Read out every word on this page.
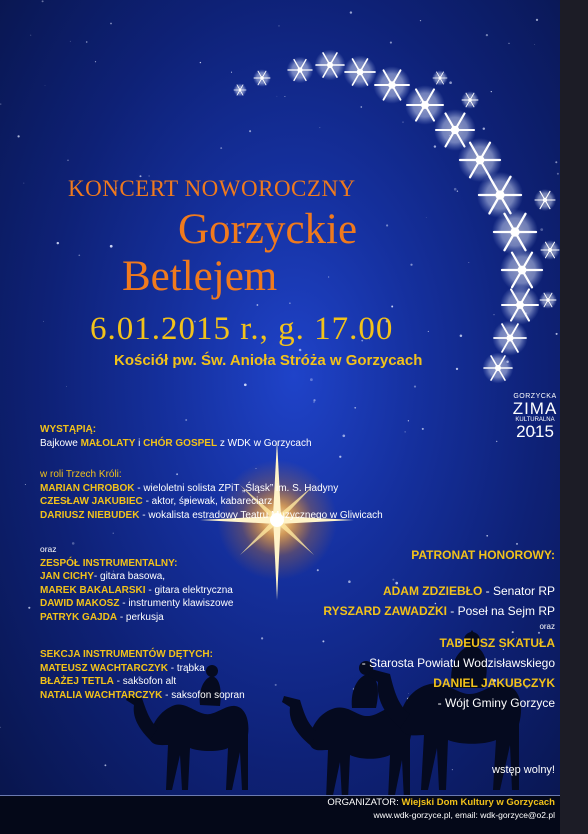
KONCERT NOWOROCZNY
Gorzyckie
Betlejem
6.01.2015 r., g. 17.00
Kościół pw. Św. Anioła Stróża w Gorzycach
GORZYCKA
ZIMA
KULTURALNA
2015
WYSTĄPIĄ:
Bajkowe MAŁOLATY i CHÓR GOSPEL z WDK w Gorzycach
w roli Trzech Króli:
MARIAN CHROBOK - wieloletni solista ZPiT „Śląsk” im. S. Hadyny
CZESŁAW JAKUBIEC - aktor, śpiewak, kabareciarz
DARIUSZ NIEBUDEK - wokalista estradowy Teatru Muzycznego w Gliwicach
oraz
ZESPÓŁ INSTRUMENTALNY:
JAN CICHY- gitara basowa,
MAREK BAKALARSKI - gitara elektryczna
DAWID MAKOSZ - instrumenty klawiszowe
PATRYK GAJDA - perkusja
SEKCJA INSTRUMENTÓW DĘTYCH:
MATEUSZ WACHTARCZYK - trąbka
BŁAŻEJ TETLA - saksofon alt
NATALIA WACHTARCZYK - saksofon sopran
PATRONAT HONOROWY:
ADAM ZDZIEBŁO - Senator RP
RYSZARD ZAWADZKI - Poseł na Sejm RP
oraz
TADEUSZ SKATUŁA
- Starosta Powiatu Wodzisławskiego
DANIEL JAKUBCZYK
- Wójt Gminy Gorzyce
wstęp wolny!
ORGANIZATOR: Wiejski Dom Kultury w Gorzycach
www.wdk-gorzyce.pl, email: wdk-gorzyce@o2.pl
